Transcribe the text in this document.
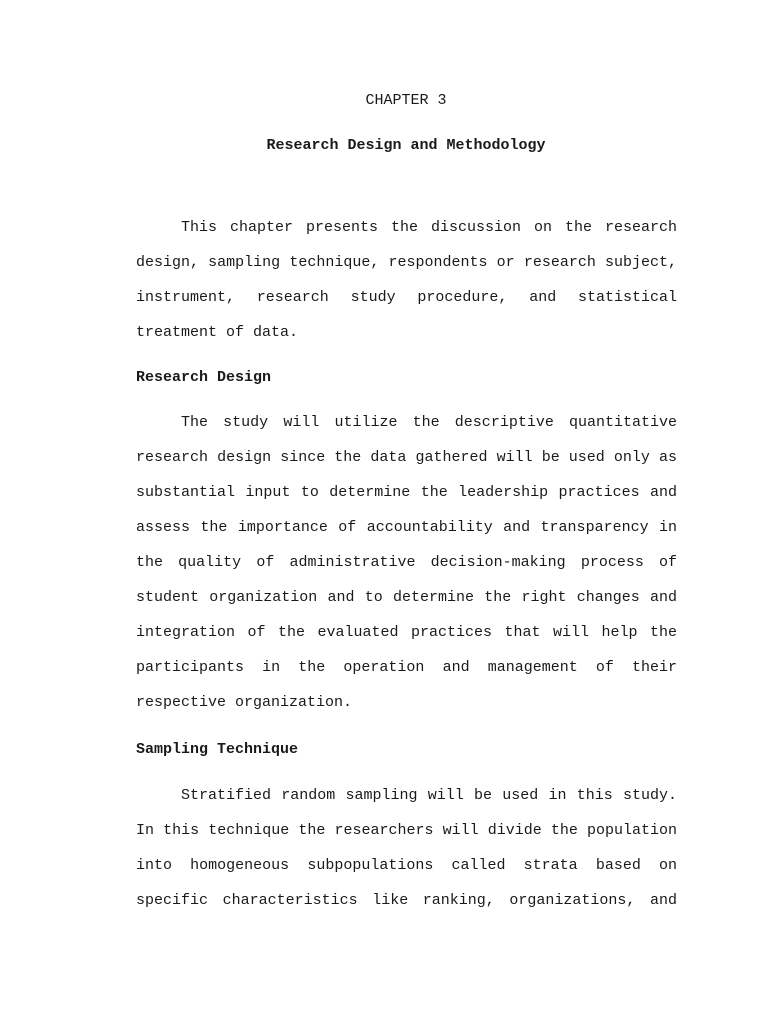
CHAPTER 3
Research Design and Methodology
This chapter presents the discussion on the research
design, sampling technique, respondents or research subject,
instrument, research study procedure, and statistical
treatment of data.
Research Design
The study will utilize the descriptive quantitative
research design since the data gathered will be used only as
substantial input to determine the leadership practices and
assess the importance of accountability and transparency in
the quality of administrative decision-making process of
student organization and to determine the right changes and
integration of the evaluated practices that will help the
participants in the operation and management of their
respective organization.
Sampling Technique
Stratified random sampling will be used in this study.
In this technique the researchers will divide the population
into homogeneous subpopulations called strata based on
specific characteristics like ranking, organizations, and
